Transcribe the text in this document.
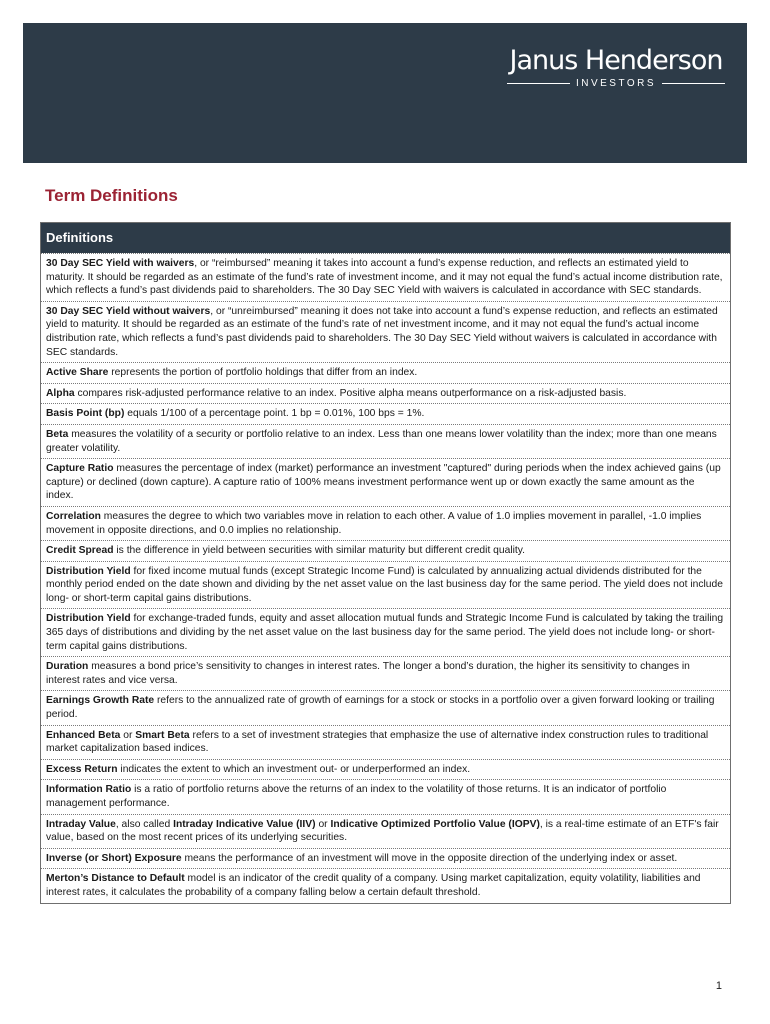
Janus Henderson
INVESTORS
Term Definitions
Definitions
30 Day SEC Yield with waivers, or “reimbursed” meaning it takes into account a fund’s expense reduction, and reflects an estimated yield to maturity. It should be regarded as an estimate of the fund’s rate of investment income, and it may not equal the fund’s actual income distribution rate, which reflects a fund’s past dividends paid to shareholders. The 30 Day SEC Yield with waivers is calculated in accordance with SEC standards.
30 Day SEC Yield without waivers, or “unreimbursed” meaning it does not take into account a fund’s expense reduction, and reflects an estimated yield to maturity. It should be regarded as an estimate of the fund’s rate of net investment income, and it may not equal the fund’s actual income distribution rate, which reflects a fund’s past dividends paid to shareholders. The 30 Day SEC Yield without waivers is calculated in accordance with SEC standards.
Active Share represents the portion of portfolio holdings that differ from an index.
Alpha compares risk-adjusted performance relative to an index. Positive alpha means outperformance on a risk-adjusted basis.
Basis Point (bp) equals 1/100 of a percentage point. 1 bp = 0.01%, 100 bps = 1%.
Beta measures the volatility of a security or portfolio relative to an index. Less than one means lower volatility than the index; more than one means greater volatility.
Capture Ratio measures the percentage of index (market) performance an investment "captured" during periods when the index achieved gains (up capture) or declined (down capture). A capture ratio of 100% means investment performance went up or down exactly the same amount as the index.
Correlation measures the degree to which two variables move in relation to each other. A value of 1.0 implies movement in parallel, -1.0 implies movement in opposite directions, and 0.0 implies no relationship.
Credit Spread is the difference in yield between securities with similar maturity but different credit quality.
Distribution Yield for fixed income mutual funds (except Strategic Income Fund) is calculated by annualizing actual dividends distributed for the monthly period ended on the date shown and dividing by the net asset value on the last business day for the same period. The yield does not include long- or short-term capital gains distributions.
Distribution Yield for exchange-traded funds, equity and asset allocation mutual funds and Strategic Income Fund is calculated by taking the trailing 365 days of distributions and dividing by the net asset value on the last business day for the same period. The yield does not include long- or short-term capital gains distributions.
Duration measures a bond price’s sensitivity to changes in interest rates. The longer a bond’s duration, the higher its sensitivity to changes in interest rates and vice versa.
Earnings Growth Rate refers to the annualized rate of growth of earnings for a stock or stocks in a portfolio over a given forward looking or trailing period.
Enhanced Beta or Smart Beta refers to a set of investment strategies that emphasize the use of alternative index construction rules to traditional market capitalization based indices.
Excess Return indicates the extent to which an investment out- or underperformed an index.
Information Ratio is a ratio of portfolio returns above the returns of an index to the volatility of those returns. It is an indicator of portfolio management performance.
Intraday Value, also called Intraday Indicative Value (IIV) or Indicative Optimized Portfolio Value (IOPV), is a real-time estimate of an ETF's fair value, based on the most recent prices of its underlying securities.
Inverse (or Short) Exposure means the performance of an investment will move in the opposite direction of the underlying index or asset.
Merton’s Distance to Default model is an indicator of the credit quality of a company. Using market capitalization, equity volatility, liabilities and interest rates, it calculates the probability of a company falling below a certain default threshold.
1
